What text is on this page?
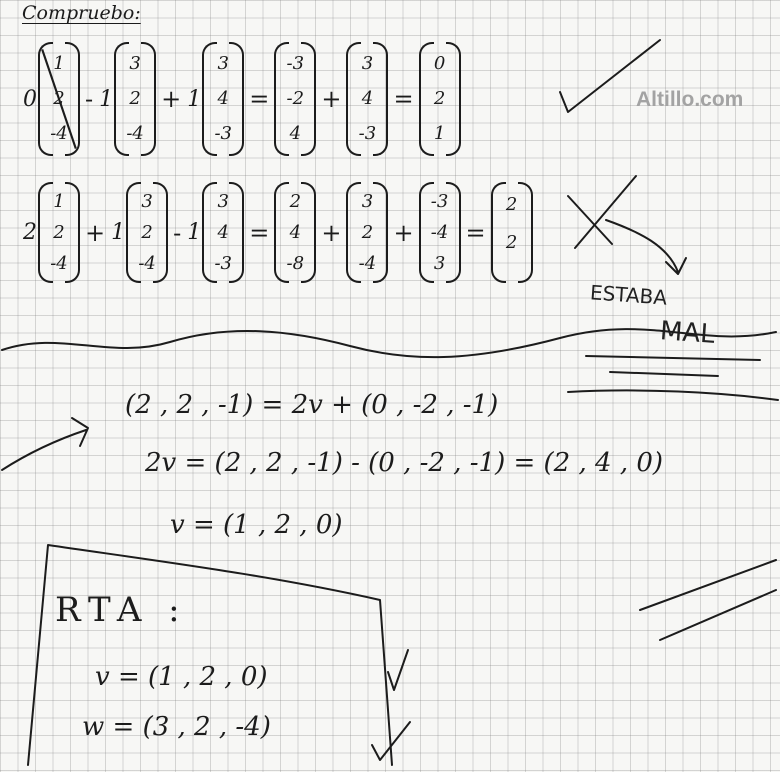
Compruebo:
Altillo.com
0
1
2
-4
- 1
3
2
-4
+ 1
3
4
-3
=
-3
-2
4
+
3
4
-3
=
0
2
1
2
1
2
-4
+ 1
3
2
-4
- 1
3
4
-3
=
2
4
-8
+
3
2
-4
+
-3
-4
3
=
2
2
ESTABA
MAL
(2 , 2 , -1) = 2v + (0 , -2 , -1)
2v = (2 , 2 , -1) - (0 , -2 , -1) = (2 , 4 , 0)
v = (1 , 2 , 0)
RTA :
v = (1 , 2 , 0)
w = (3 , 2 , -4)
